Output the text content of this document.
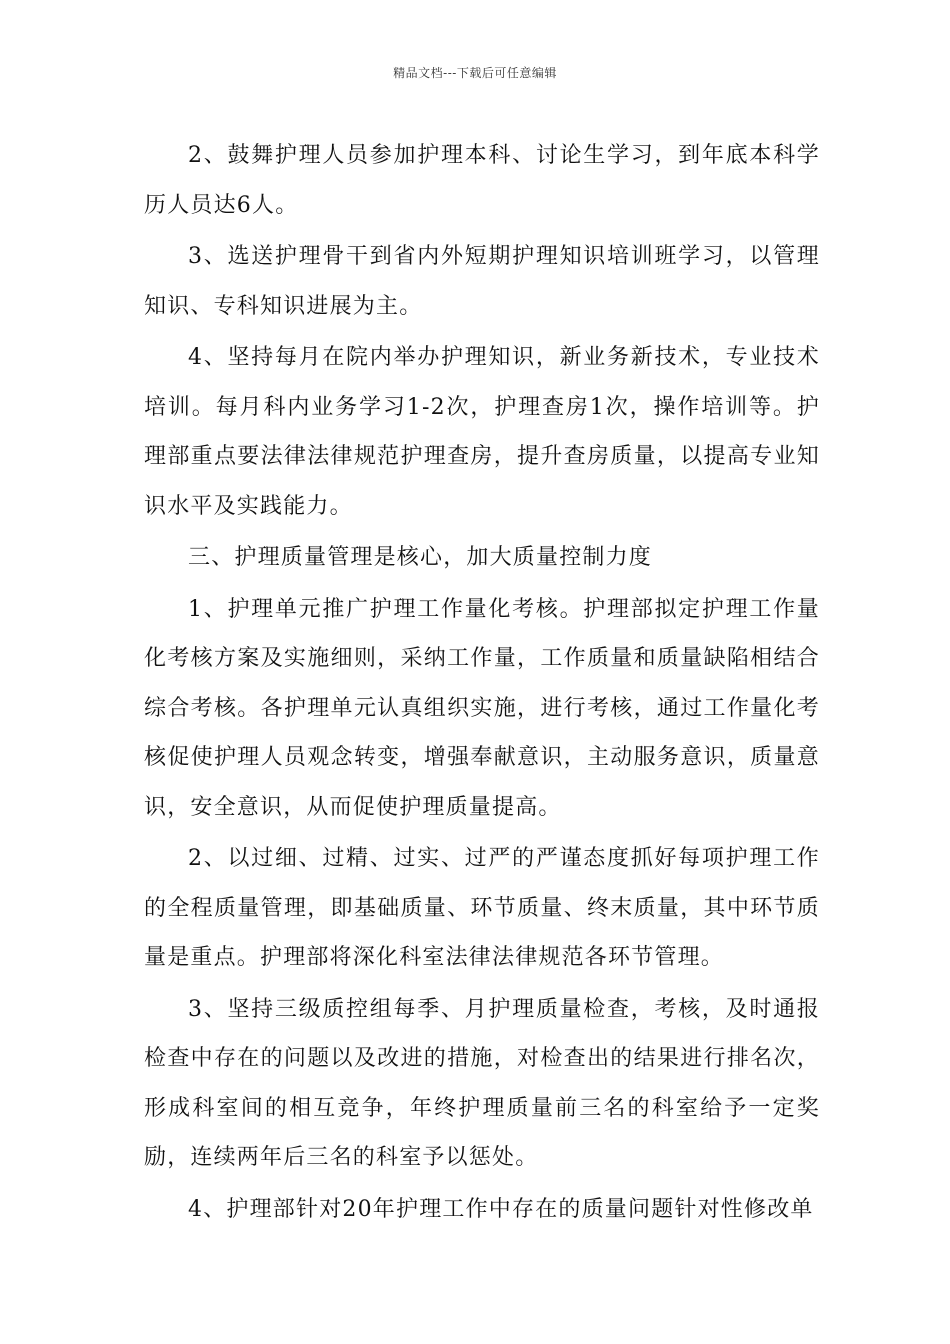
精品文档---下载后可任意编辑

2、鼓舞护理人员参加护理本科、讨论生学习，到年底本科学历人员达6人。

3、选送护理骨干到省内外短期护理知识培训班学习，以管理知识、专科知识进展为主。

4、坚持每月在院内举办护理知识，新业务新技术，专业技术培训。每月科内业务学习1-2次，护理查房1次，操作培训等。护理部重点要法律法律规范护理查房，提升查房质量，以提高专业知识水平及实践能力。

三、护理质量管理是核心，加大质量控制力度

1、护理单元推广护理工作量化考核。护理部拟定护理工作量化考核方案及实施细则，采纳工作量，工作质量和质量缺陷相结合综合考核。各护理单元认真组织实施，进行考核，通过工作量化考核促使护理人员观念转变，增强奉献意识，主动服务意识，质量意识，安全意识，从而促使护理质量提高。

2、以过细、过精、过实、过严的严谨态度抓好每项护理工作的全程质量管理，即基础质量、环节质量、终末质量，其中环节质量是重点。护理部将深化科室法律法律规范各环节管理。

3、坚持三级质控组每季、月护理质量检查，考核，及时通报检查中存在的问题以及改进的措施，对检查出的结果进行排名次，形成科室间的相互竞争，年终护理质量前三名的科室给予一定奖励，连续两年后三名的科室予以惩处。

4、护理部针对20年护理工作中存在的质量问题针对性修改单
